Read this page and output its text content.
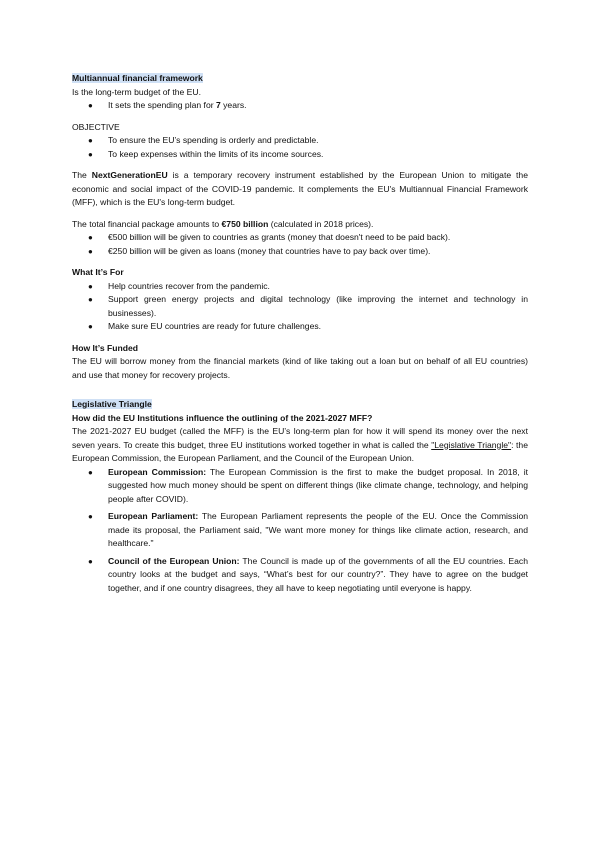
Multiannual financial framework

Is the long-term budget of the EU.

● It sets the spending plan for 7 years.

OBJECTIVE

● To ensure the EU’s spending is orderly and predictable.
● To keep expenses within the limits of its income sources.

The NextGenerationEU is a temporary recovery instrument established by the European Union to mitigate the economic and social impact of the COVID-19 pandemic. It complements the EU's Multiannual Financial Framework (MFF), which is the EU's long-term budget.

The total financial package amounts to €750 billion (calculated in 2018 prices).

● €500 billion will be given to countries as grants (money that doesn't need to be paid back).
● €250 billion will be given as loans (money that countries have to pay back over time).

What It’s For

● Help countries recover from the pandemic.
● Support green energy projects and digital technology (like improving the internet and technology in businesses).
● Make sure EU countries are ready for future challenges.

How It’s Funded

The EU will borrow money from the financial markets (kind of like taking out a loan but on behalf of all EU countries) and use that money for recovery projects.

Legislative Triangle

How did the EU Institutions influence the outlining of the 2021-2027 MFF?

The 2021-2027 EU budget (called the MFF) is the EU’s long-term plan for how it will spend its money over the next seven years. To create this budget, three EU institutions worked together in what is called the "Legislative Triangle": the European Commission, the European Parliament, and the Council of the European Union.

● European Commission: The European Commission is the first to make the budget proposal. In 2018, it suggested how much money should be spent on different things (like climate change, technology, and helping people after COVID).
● European Parliament: The European Parliament represents the people of the EU. Once the Commission made its proposal, the Parliament said, "We want more money for things like climate action, research, and healthcare."
● Council of the European Union: The Council is made up of the governments of all the EU countries. Each country looks at the budget and says, “What’s best for our country?”. They have to agree on the budget together, and if one country disagrees, they all have to keep negotiating until everyone is happy.
